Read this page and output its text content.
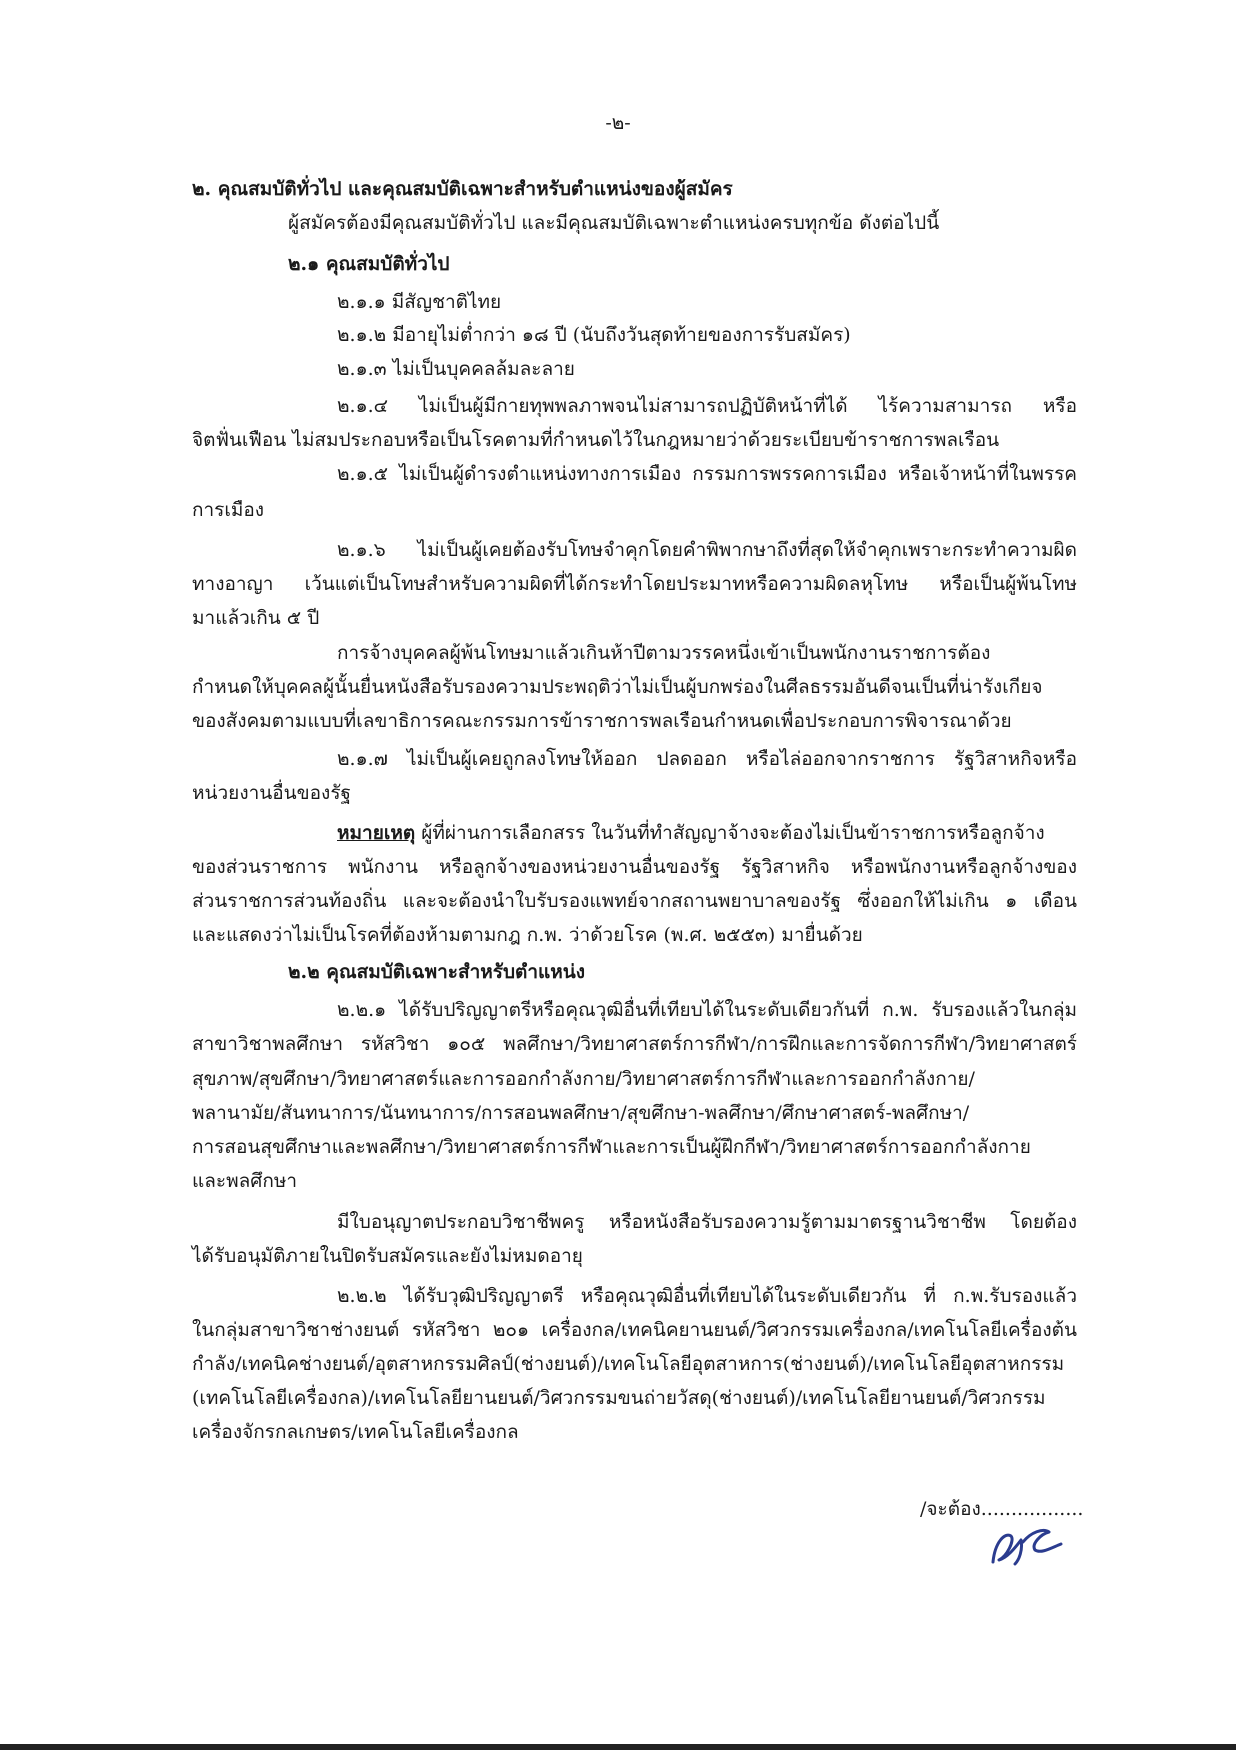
-๒-
๒. คุณสมบัติทั่วไป และคุณสมบัติเฉพาะสำหรับตำแหน่งของผู้สมัคร
ผู้สมัครต้องมีคุณสมบัติทั่วไป และมีคุณสมบัติเฉพาะตำแหน่งครบทุกข้อ ดังต่อไปนี้
๒.๑ คุณสมบัติทั่วไป
๒.๑.๑ มีสัญชาติไทย
๒.๑.๒ มีอายุไม่ต่ำกว่า ๑๘ ปี (นับถึงวันสุดท้ายของการรับสมัคร)
๒.๑.๓ ไม่เป็นบุคคลล้มละลาย
๒.๑.๔ ไม่เป็นผู้มีกายทุพพลภาพจนไม่สามารถปฏิบัติหน้าที่ได้ ไร้ความสามารถ หรือ
จิตฟั่นเฟือน ไม่สมประกอบหรือเป็นโรคตามที่กำหนดไว้ในกฎหมายว่าด้วยระเบียบข้าราชการพลเรือน
๒.๑.๕ ไม่เป็นผู้ดำรงตำแหน่งทางการเมือง กรรมการพรรคการเมือง หรือเจ้าหน้าที่ในพรรค
การเมือง
๒.๑.๖ ไม่เป็นผู้เคยต้องรับโทษจำคุกโดยคำพิพากษาถึงที่สุดให้จำคุกเพราะกระทำความผิด
ทางอาญา เว้นแต่เป็นโทษสำหรับความผิดที่ได้กระทำโดยประมาทหรือความผิดลหุโทษ หรือเป็นผู้พ้นโทษ
มาแล้วเกิน ๕ ปี
การจ้างบุคคลผู้พ้นโทษมาแล้วเกินห้าปีตามวรรคหนึ่งเข้าเป็นพนักงานราชการต้อง
กำหนดให้บุคคลผู้นั้นยื่นหนังสือรับรองความประพฤติว่าไม่เป็นผู้บกพร่องในศีลธรรมอันดีจนเป็นที่น่ารังเกียจ
ของสังคมตามแบบที่เลขาธิการคณะกรรมการข้าราชการพลเรือนกำหนดเพื่อประกอบการพิจารณาด้วย
๒.๑.๗ ไม่เป็นผู้เคยถูกลงโทษให้ออก ปลดออก หรือไล่ออกจากราชการ รัฐวิสาหกิจหรือ
หน่วยงานอื่นของรัฐ
หมายเหตุ ผู้ที่ผ่านการเลือกสรร ในวันที่ทำสัญญาจ้างจะต้องไม่เป็นข้าราชการหรือลูกจ้าง
ของส่วนราชการ พนักงาน หรือลูกจ้างของหน่วยงานอื่นของรัฐ รัฐวิสาหกิจ หรือพนักงานหรือลูกจ้างของ
ส่วนราชการส่วนท้องถิ่น และจะต้องนำใบรับรองแพทย์จากสถานพยาบาลของรัฐ ซึ่งออกให้ไม่เกิน ๑ เดือน
และแสดงว่าไม่เป็นโรคที่ต้องห้ามตามกฎ ก.พ. ว่าด้วยโรค (พ.ศ. ๒๕๕๓) มายื่นด้วย
๒.๒ คุณสมบัติเฉพาะสำหรับตำแหน่ง
๒.๒.๑ ได้รับปริญญาตรีหรือคุณวุฒิอื่นที่เทียบได้ในระดับเดียวกันที่ ก.พ. รับรองแล้วในกลุ่ม
สาขาวิชาพลศึกษา รหัสวิชา ๑๐๕ พลศึกษา/วิทยาศาสตร์การกีฬา/การฝึกและการจัดการกีฬา/วิทยาศาสตร์
สุขภาพ/สุขศึกษา/วิทยาศาสตร์และการออกกำลังกาย/วิทยาศาสตร์การกีฬาและการออกกำลังกาย/
พลานามัย/สันทนาการ/นันทนาการ/การสอนพลศึกษา/สุขศึกษา-พลศึกษา/ศึกษาศาสตร์-พลศึกษา/
การสอนสุขศึกษาและพลศึกษา/วิทยาศาสตร์การกีฬาและการเป็นผู้ฝึกกีฬา/วิทยาศาสตร์การออกกำลังกาย
และพลศึกษา
มีใบอนุญาตประกอบวิชาชีพครู หรือหนังสือรับรองความรู้ตามมาตรฐานวิชาชีพ โดยต้อง
ได้รับอนุมัติภายในปิดรับสมัครและยังไม่หมดอายุ
๒.๒.๒ ได้รับวุฒิปริญญาตรี หรือคุณวุฒิอื่นที่เทียบได้ในระดับเดียวกัน ที่ ก.พ.รับรองแล้ว
ในกลุ่มสาขาวิชาช่างยนต์ รหัสวิชา ๒๐๑ เครื่องกล/เทคนิคยานยนต์/วิศวกรรมเครื่องกล/เทคโนโลยีเครื่องต้น
กำลัง/เทคนิคช่างยนต์/อุตสาหกรรมศิลป์(ช่างยนต์)/เทคโนโลยีอุตสาหการ(ช่างยนต์)/เทคโนโลยีอุตสาหกรรม
(เทคโนโลยีเครื่องกล)/เทคโนโลยียานยนต์/วิศวกรรมขนถ่ายวัสดุ(ช่างยนต์)/เทคโนโลยียานยนต์/วิศวกรรม
เครื่องจักรกลเกษตร/เทคโนโลยีเครื่องกล
/จะต้อง.................
